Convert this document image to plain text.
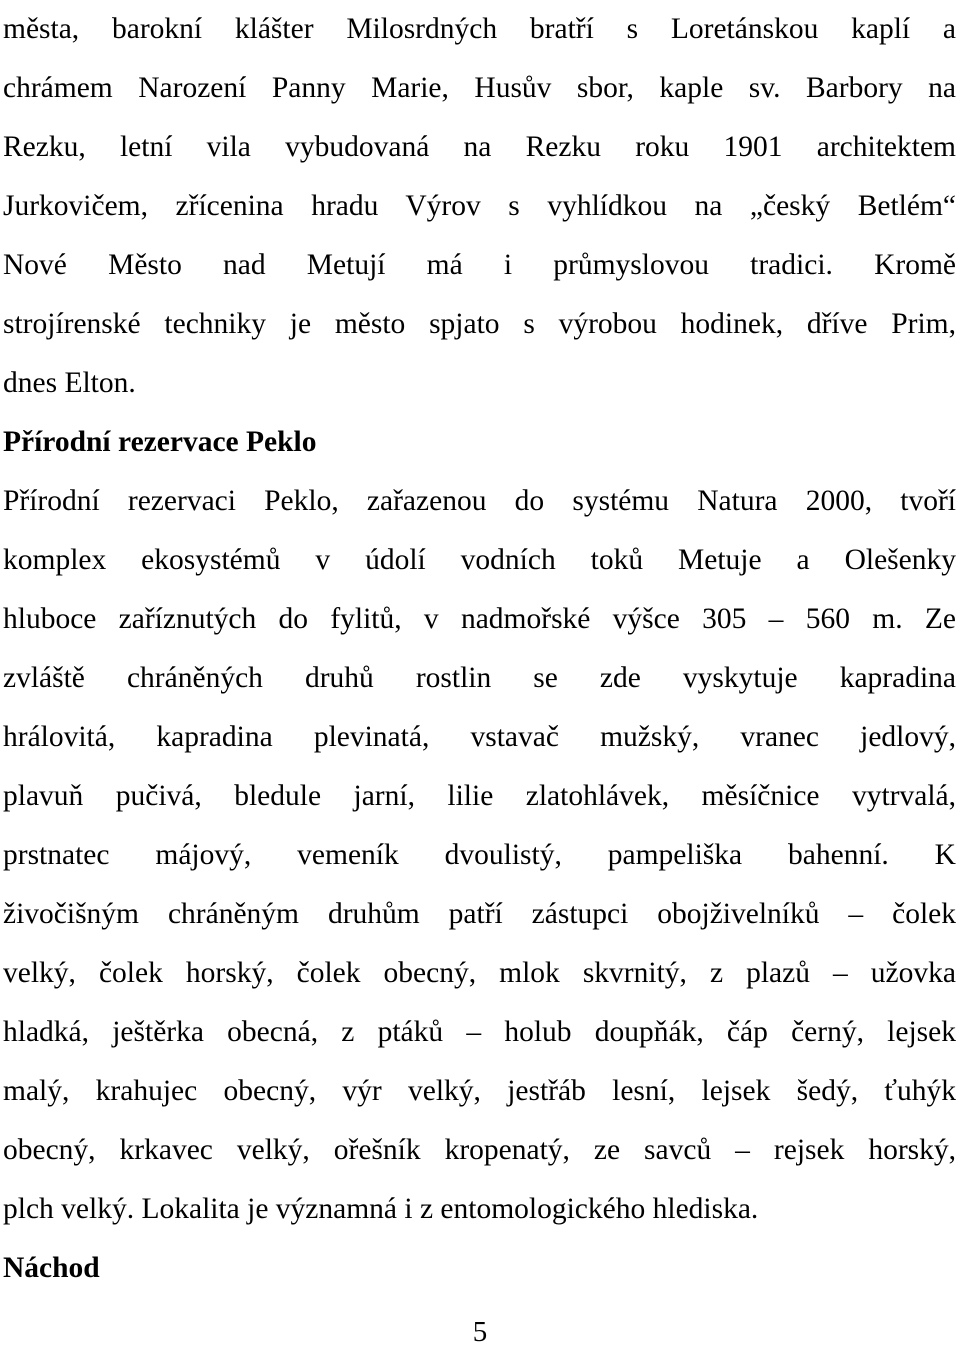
města, barokní klášter Milosrdných bratří s Loretánskou kaplí a
chrámem Narození Panny Marie, Husův sbor, kaple sv. Barbory na
Rezku, letní vila vybudovaná na Rezku roku 1901 architektem
Jurkovičem, zřícenina hradu Výrov s vyhlídkou na „český Betlém“
Nové Město nad Metují má i průmyslovou tradici. Kromě
strojírenské techniky je město spjato s výrobou hodinek, dříve Prim,
dnes Elton.
Přírodní rezervace Peklo
Přírodní rezervaci Peklo, zařazenou do systému Natura 2000, tvoří
komplex ekosystémů v údolí vodních toků Metuje a Olešenky
hluboce zaříznutých do fylitů, v nadmořské výšce 305 – 560 m. Ze
zvláště chráněných druhů rostlin se zde vyskytuje kapradina
hrálovitá, kapradina plevinatá, vstavač mužský, vranec jedlový,
plavuň pučivá, bledule jarní, lilie zlatohlávek, měsíčnice vytrvalá,
prstnatec májový, vemeník dvoulistý, pampeliška bahenní. K
živočišným chráněným druhům patří zástupci obojživelníků – čolek
velký, čolek horský, čolek obecný, mlok skvrnitý, z plazů – užovka
hladká, ještěrka obecná, z ptáků – holub doupňák, čáp černý, lejsek
malý, krahujec obecný, výr velký, jestřáb lesní, lejsek šedý, ťuhýk
obecný, krkavec velký, ořešník kropenatý, ze savců – rejsek horský,
plch velký. Lokalita je významná i z entomologického hlediska.
Náchod
5
